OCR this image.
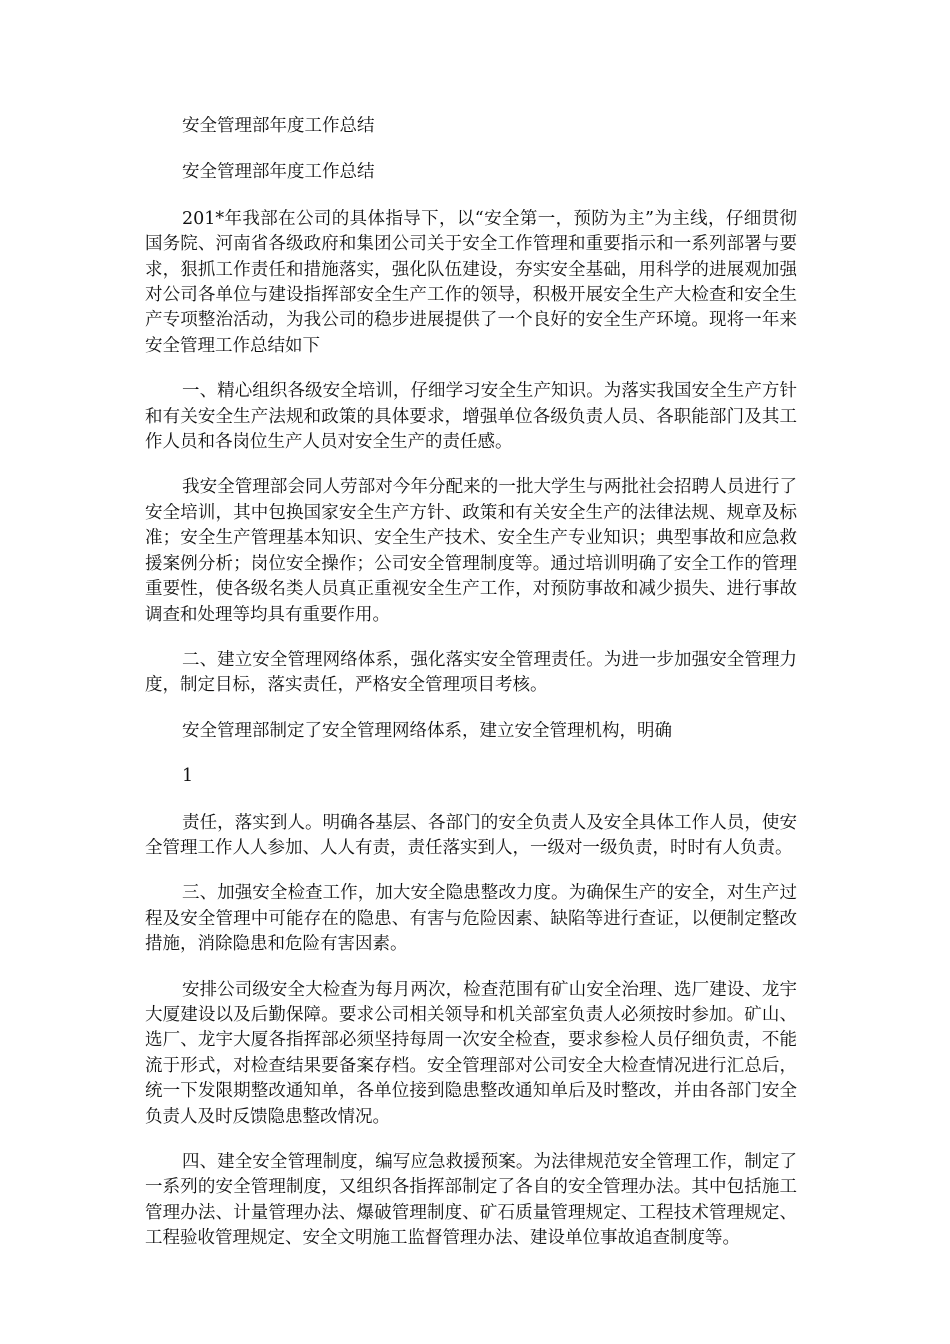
安全管理部年度工作总结

安全管理部年度工作总结

201*年我部在公司的具体指导下，以“安全第一，预防为主”为主线，仔细贯彻国务院、河南省各级政府和集团公司关于安全工作管理和重要指示和一系列部署与要求，狠抓工作责任和措施落实，强化队伍建设，夯实安全基础，用科学的进展观加强对公司各单位与建设指挥部安全生产工作的领导，积极开展安全生产大检查和安全生产专项整治活动，为我公司的稳步进展提供了一个良好的安全生产环境。现将一年来安全管理工作总结如下

一、精心组织各级安全培训，仔细学习安全生产知识。为落实我国安全生产方针和有关安全生产法规和政策的具体要求，增强单位各级负责人员、各职能部门及其工作人员和各岗位生产人员对安全生产的责任感。

我安全管理部会同人劳部对今年分配来的一批大学生与两批社会招聘人员进行了安全培训，其中包换国家安全生产方针、政策和有关安全生产的法律法规、规章及标准；安全生产管理基本知识、安全生产技术、安全生产专业知识；典型事故和应急救援案例分析；岗位安全操作；公司安全管理制度等。通过培训明确了安全工作的管理重要性，使各级名类人员真正重视安全生产工作，对预防事故和减少损失、进行事故调查和处理等均具有重要作用。

二、建立安全管理网络体系，强化落实安全管理责任。为进一步加强安全管理力度，制定目标，落实责任，严格安全管理项目考核。

安全管理部制定了安全管理网络体系，建立安全管理机构，明确

1

责任，落实到人。明确各基层、各部门的安全负责人及安全具体工作人员，使安全管理工作人人参加、人人有责，责任落实到人，一级对一级负责，时时有人负责。

三、加强安全检查工作，加大安全隐患整改力度。为确保生产的安全，对生产过程及安全管理中可能存在的隐患、有害与危险因素、缺陷等进行查证，以便制定整改措施，消除隐患和危险有害因素。

安排公司级安全大检查为每月两次，检查范围有矿山安全治理、选厂建设、龙宇大厦建设以及后勤保障。要求公司相关领导和机关部室负责人必须按时参加。矿山、选厂、龙宇大厦各指挥部必须坚持每周一次安全检查，要求参检人员仔细负责，不能流于形式，对检查结果要备案存档。安全管理部对公司安全大检查情况进行汇总后，统一下发限期整改通知单，各单位接到隐患整改通知单后及时整改，并由各部门安全负责人及时反馈隐患整改情况。

四、建全安全管理制度，编写应急救援预案。为法律规范安全管理工作，制定了一系列的安全管理制度，又组织各指挥部制定了各自的安全管理办法。其中包括施工管理办法、计量管理办法、爆破管理制度、矿石质量管理规定、工程技术管理规定、工程验收管理规定、安全文明施工监督管理办法、建设单位事故追查制度等。
